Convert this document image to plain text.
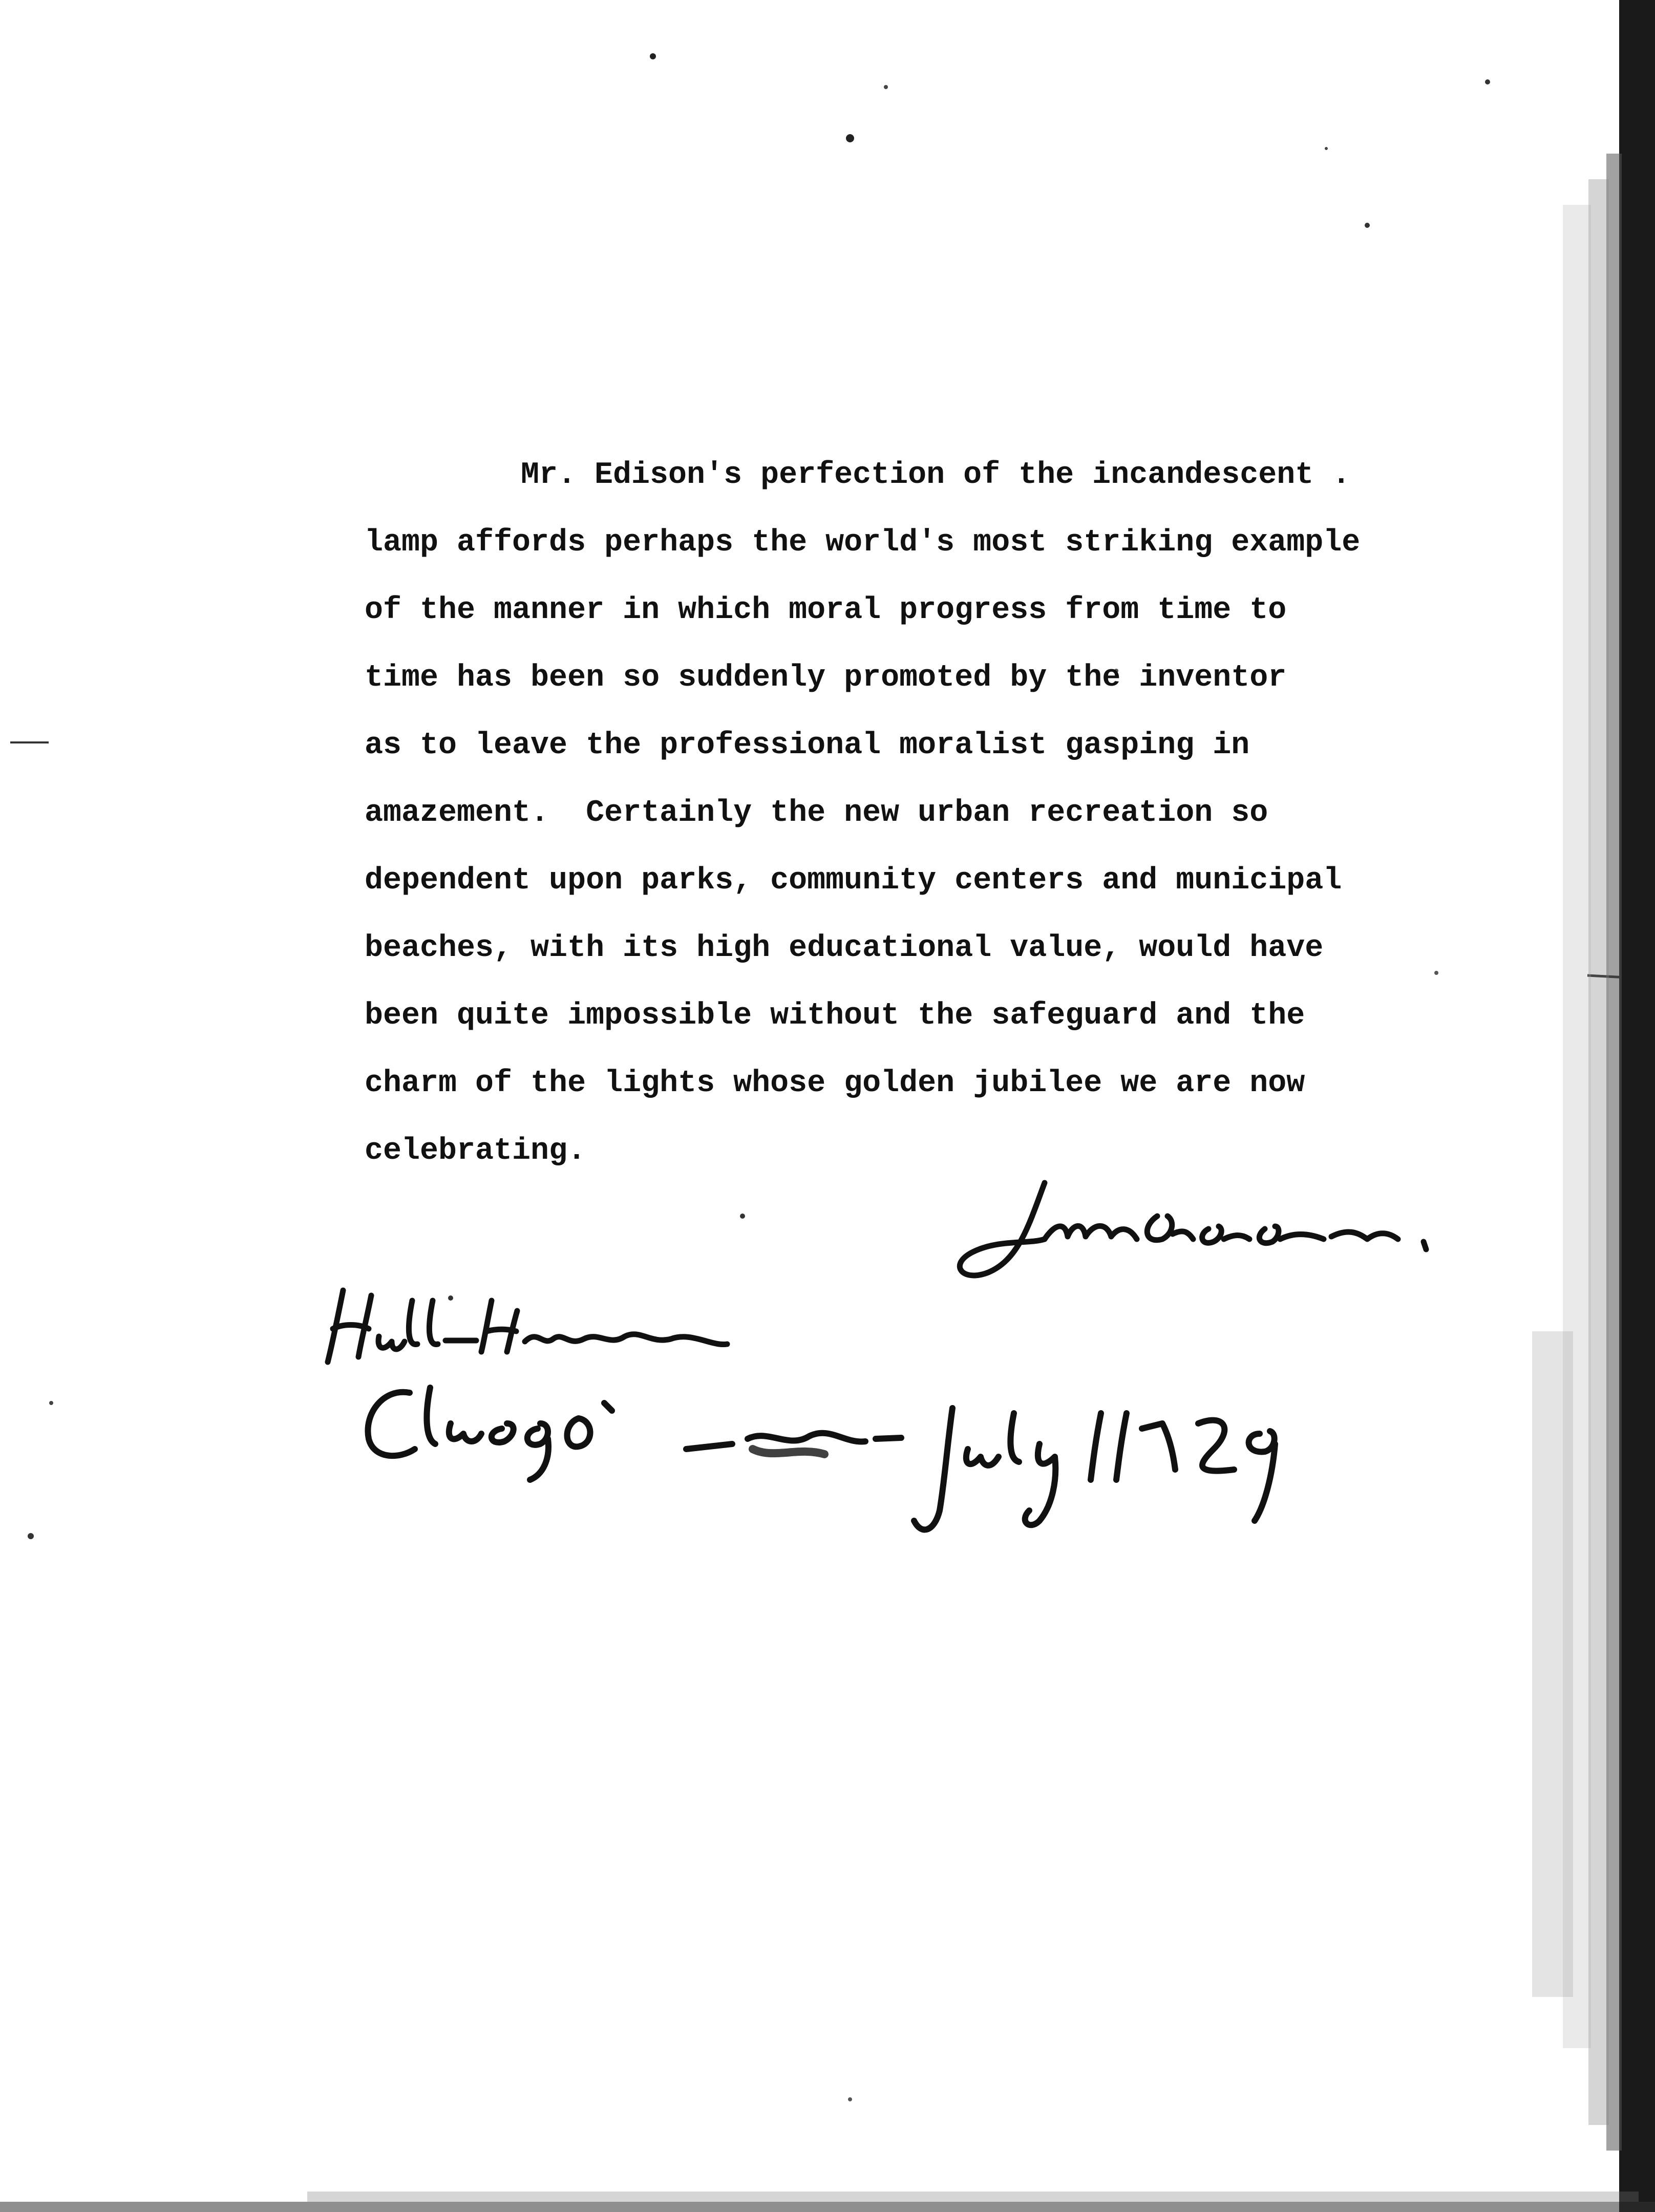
Mr. Edison's perfection of the incandescent .
lamp affords perhaps the world's most striking example
of the manner in which moral progress from time to
time has been so suddenly promoted by the inventor
as to leave the professional moralist gasping in
amazement.  Certainly the new urban recreation so
dependent upon parks, community centers and municipal
beaches, with its high educational value, would have
been quite impossible without the safeguard and the
charm of the lights whose golden jubilee we are now
celebrating.
